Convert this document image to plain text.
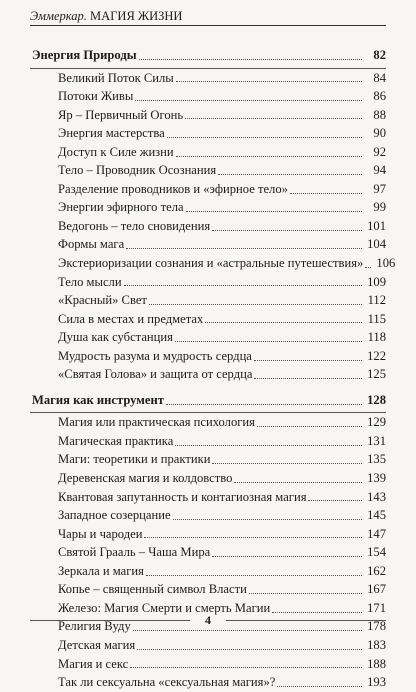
Эммеркар. МАГИЯ ЖИЗНИ
Энергия Природы	82
Великий Поток Силы	84
Потоки Живы	86
Яр – Первичный Огонь	88
Энергия мастерства	90
Доступ к Силе жизни	92
Тело – Проводник Осознания	94
Разделение проводников и «эфирное тело»	97
Энергии эфирного тела	99
Ведогонь – тело сновидения	101
Формы мага	104
Экстериоризации сознания и «астральные путешествия» 106
Тело мысли	109
«Красный» Свет	112
Сила в местах и предметах	115
Душа как субстанция	118
Мудрость разума и мудрость сердца	122
«Святая Голова» и защита от сердца	125
Магия как инструмент	128
Магия или практическая психология	129
Магическая практика	131
Маги: теоретики и практики	135
Деревенская магия и колдовство	139
Квантовая запутанность и контагиозная магия	143
Западное созерцание	145
Чары и чародеи	147
Святой Грааль – Чаша Мира	154
Зеркала и магия	162
Копье – священный символ Власти	167
Железо: Магия Смерти и смерть Магии	171
Религия Вуду	178
Детская магия	183
Магия и секс	188
Так ли сексуальна «сексуальная магия»?	193
4
